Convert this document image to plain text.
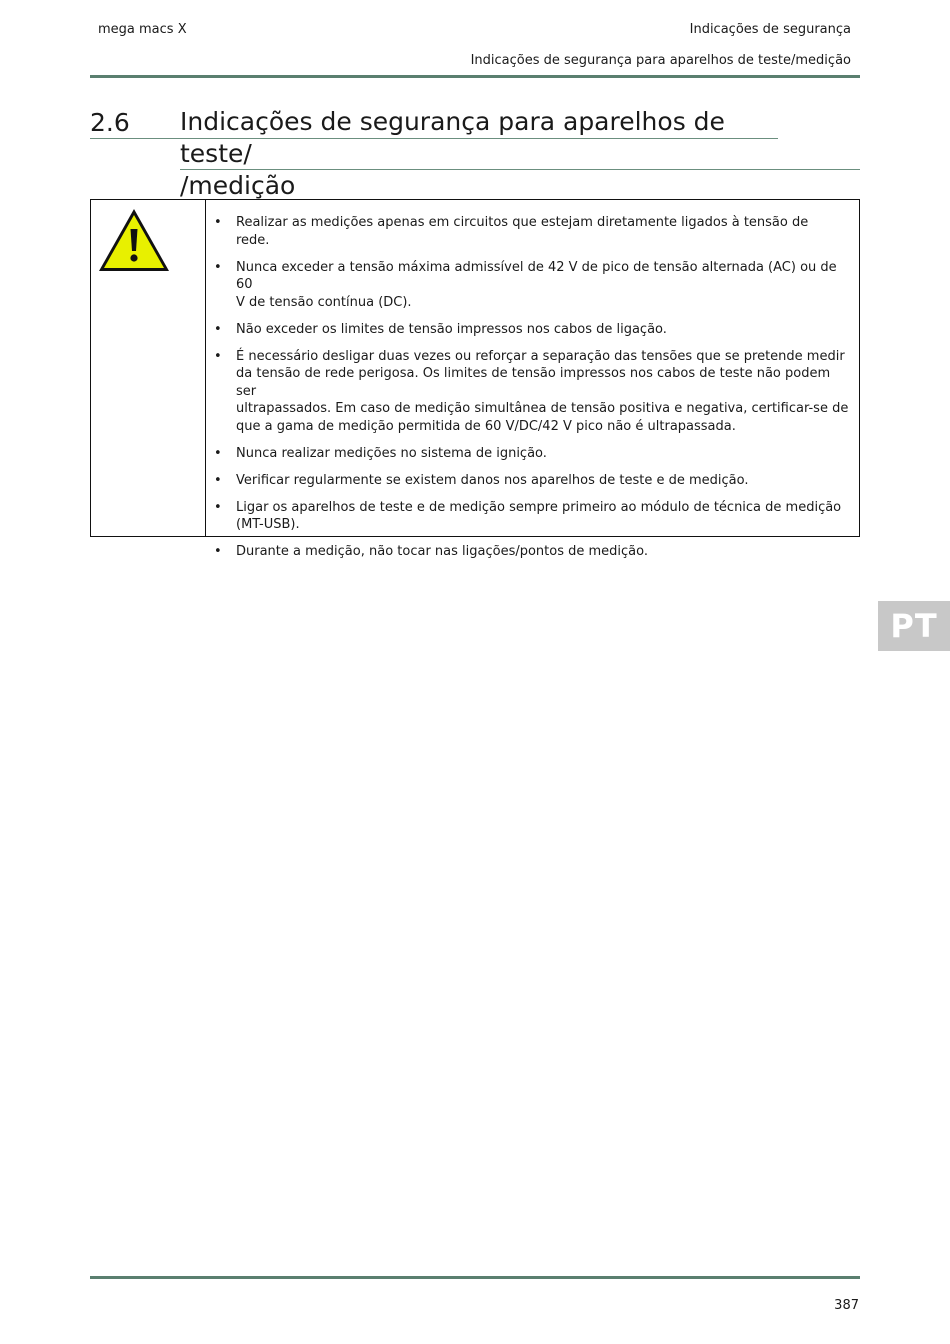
mega macs X	Indicações de segurança
Indicações de segurança para aparelhos de teste/medição
2.6 Indicações de segurança para aparelhos de teste/
/medição
• Realizar as medições apenas em circuitos que estejam diretamente ligados à tensão de
rede.
• Nunca exceder a tensão máxima admissível de 42 V de pico de tensão alternada (AC) ou de 60
V de tensão contínua (DC).
• Não exceder os limites de tensão impressos nos cabos de ligação.
• É necessário desligar duas vezes ou reforçar a separação das tensões que se pretende medir
da tensão de rede perigosa. Os limites de tensão impressos nos cabos de teste não podem ser
ultrapassados. Em caso de medição simultânea de tensão positiva e negativa, certificar-se de
que a gama de medição permitida de 60 V/DC/42 V pico não é ultrapassada.
• Nunca realizar medições no sistema de ignição.
• Verificar regularmente se existem danos nos aparelhos de teste e de medição.
• Ligar os aparelhos de teste e de medição sempre primeiro ao módulo de técnica de medição
(MT-USB).
• Durante a medição, não tocar nas ligações/pontos de medição.
PT
387
